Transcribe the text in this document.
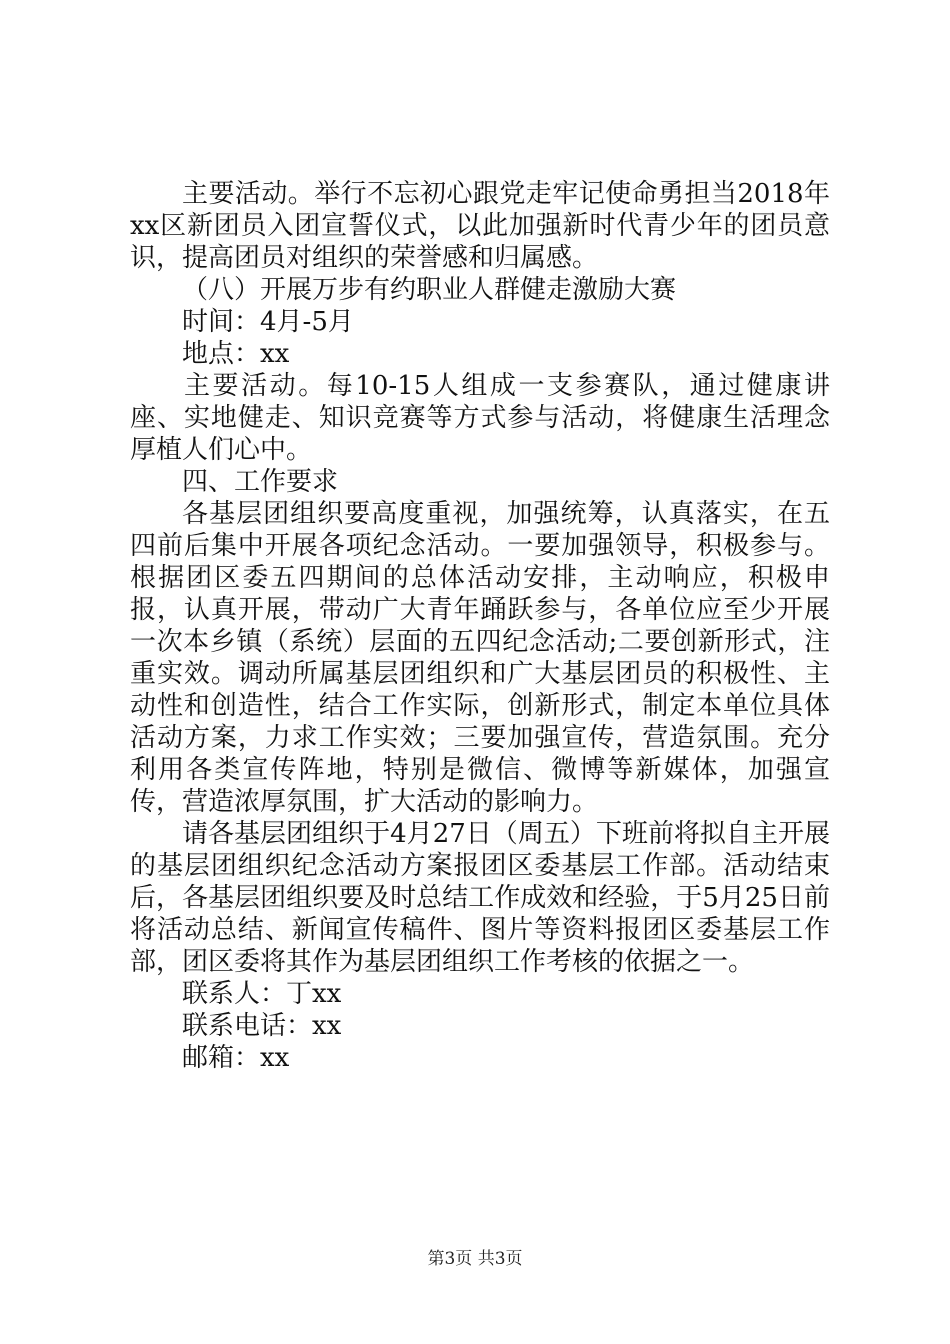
主要活动。举行不忘初心跟党走牢记使命勇担当2018年xx区新团员入团宣誓仪式，以此加强新时代青少年的团员意识，提高团员对组织的荣誉感和归属感。

（八）开展万步有约职业人群健走激励大赛

时间：4月-5月

地点：xx

主要活动。每10-15人组成一支参赛队，通过健康讲座、实地健走、知识竞赛等方式参与活动，将健康生活理念厚植人们心中。

四、工作要求

各基层团组织要高度重视，加强统筹，认真落实，在五四前后集中开展各项纪念活动。一要加强领导，积极参与。根据团区委五四期间的总体活动安排，主动响应，积极申报，认真开展，带动广大青年踊跃参与，各单位应至少开展一次本乡镇（系统）层面的五四纪念活动;二要创新形式，注重实效。调动所属基层团组织和广大基层团员的积极性、主动性和创造性，结合工作实际，创新形式，制定本单位具体活动方案，力求工作实效；三要加强宣传，营造氛围。充分利用各类宣传阵地，特别是微信、微博等新媒体，加强宣传，营造浓厚氛围，扩大活动的影响力。

请各基层团组织于4月27日（周五）下班前将拟自主开展的基层团组织纪念活动方案报团区委基层工作部。活动结束后，各基层团组织要及时总结工作成效和经验，于5月25日前将活动总结、新闻宣传稿件、图片等资料报团区委基层工作部，团区委将其作为基层团组织工作考核的依据之一。

联系人：丁xx

联系电话：xx

邮箱：xx

第3页 共3页
